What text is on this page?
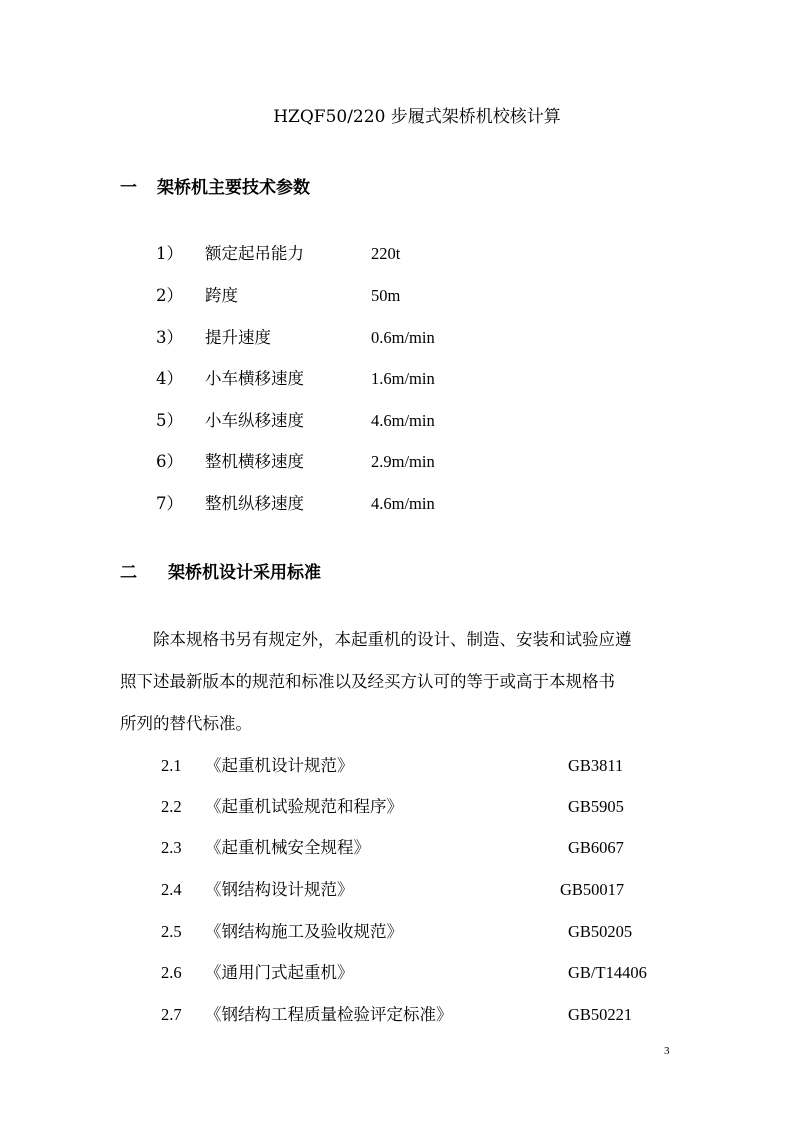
HZQF50/220 步履式架桥机校核计算
一 架桥机主要技术参数
1） 额定起吊能力	220t
2） 跨度	50m
3） 提升速度	0.6m/min
4） 小车横移速度	1.6m/min
5） 小车纵移速度	4.6m/min
6） 整机横移速度	2.9m/min
7） 整机纵移速度	4.6m/min
二 架桥机设计采用标准
　　除本规格书另有规定外，本起重机的设计、制造、安装和试验应遵
照下述最新版本的规范和标准以及经买方认可的等于或高于本规格书
所列的替代标准。
2.1 《起重机设计规范》	GB3811
2.2 《起重机试验规范和程序》	GB5905
2.3 《起重机械安全规程》	GB6067
2.4 《钢结构设计规范》	GB50017
2.5 《钢结构施工及验收规范》	GB50205
2.6 《通用门式起重机》	GB/T14406
2.7 《钢结构工程质量检验评定标准》	GB50221
3
